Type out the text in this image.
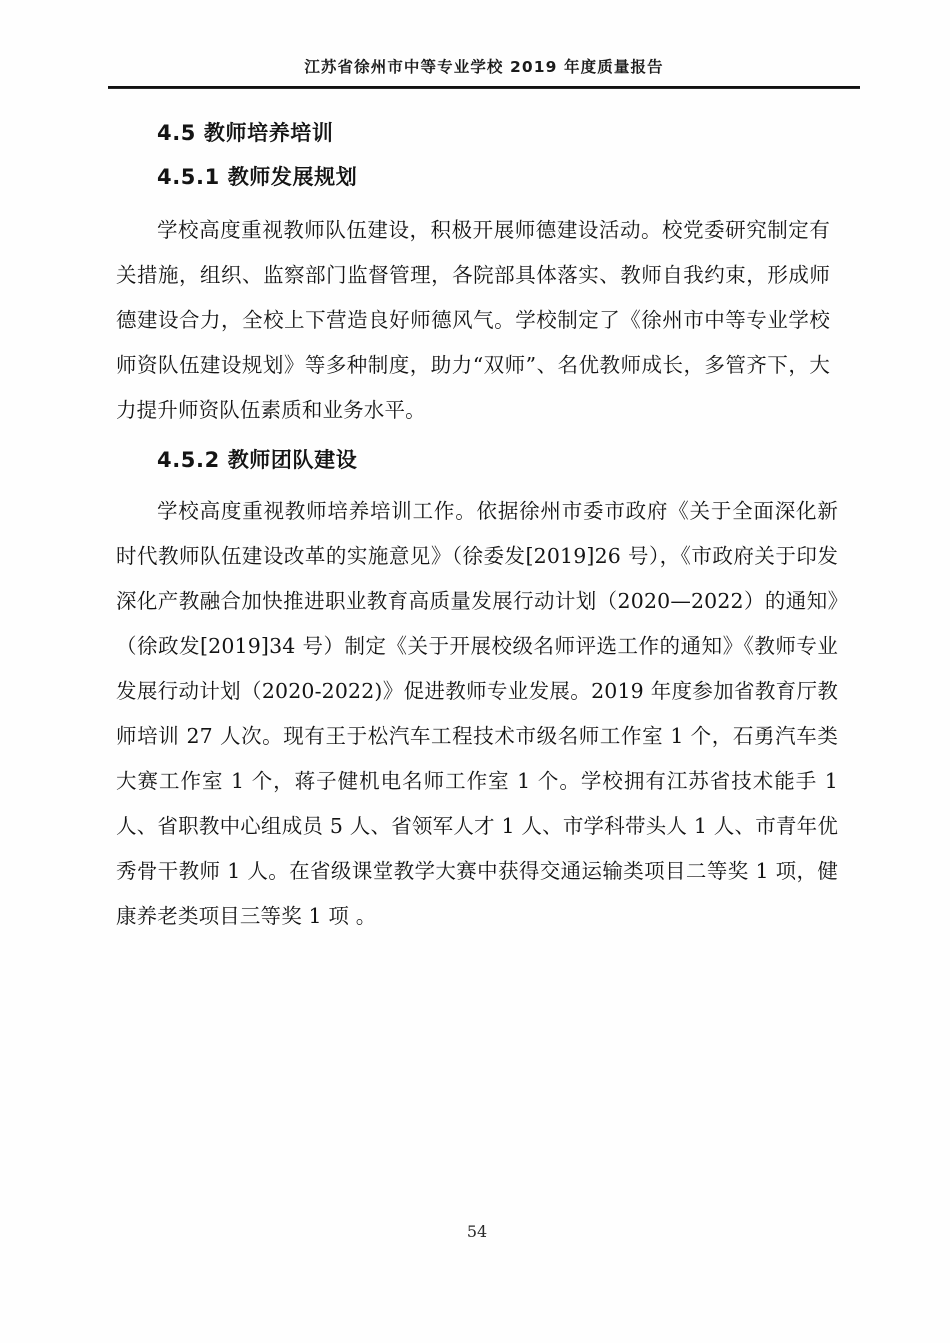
江苏省徐州市中等专业学校 2019 年度质量报告
4.5 教师培养培训
4.5.1 教师发展规划

学校高度重视教师队伍建设，积极开展师德建设活动。校党委研究制定有关措施，组织、监察部门监督管理，各院部具体落实、教师自我约束，形成师德建设合力，全校上下营造良好师德风气。学校制定了《徐州市中等专业学校师资队伍建设规划》等多种制度，助力“双师”、名优教师成长，多管齐下，大力提升师资队伍素质和业务水平。

4.5.2 教师团队建设

学校高度重视教师培养培训工作。依据徐州市委市政府《关于全面深化新时代教师队伍建设改革的实施意见》（徐委发[2019]26 号），《市政府关于印发深化产教融合加快推进职业教育高质量发展行动计划（2020—2022）的通知》（徐政发[2019]34 号）制定《关于开展校级名师评选工作的通知》《教师专业发展行动计划（2020-2022)》促进教师专业发展。2019 年度参加省教育厅教师培训 27 人次。现有王于松汽车工程技术市级名师工作室 1 个，石勇汽车类大赛工作室 1 个，蒋子健机电名师工作室 1 个。学校拥有江苏省技术能手 1 人、省职教中心组成员 5 人、省领军人才 1 人、市学科带头人 1 人、市青年优秀骨干教师 1 人。在省级课堂教学大赛中获得交通运输类项目二等奖 1 项，健康养老类项目三等奖 1 项 。

54
